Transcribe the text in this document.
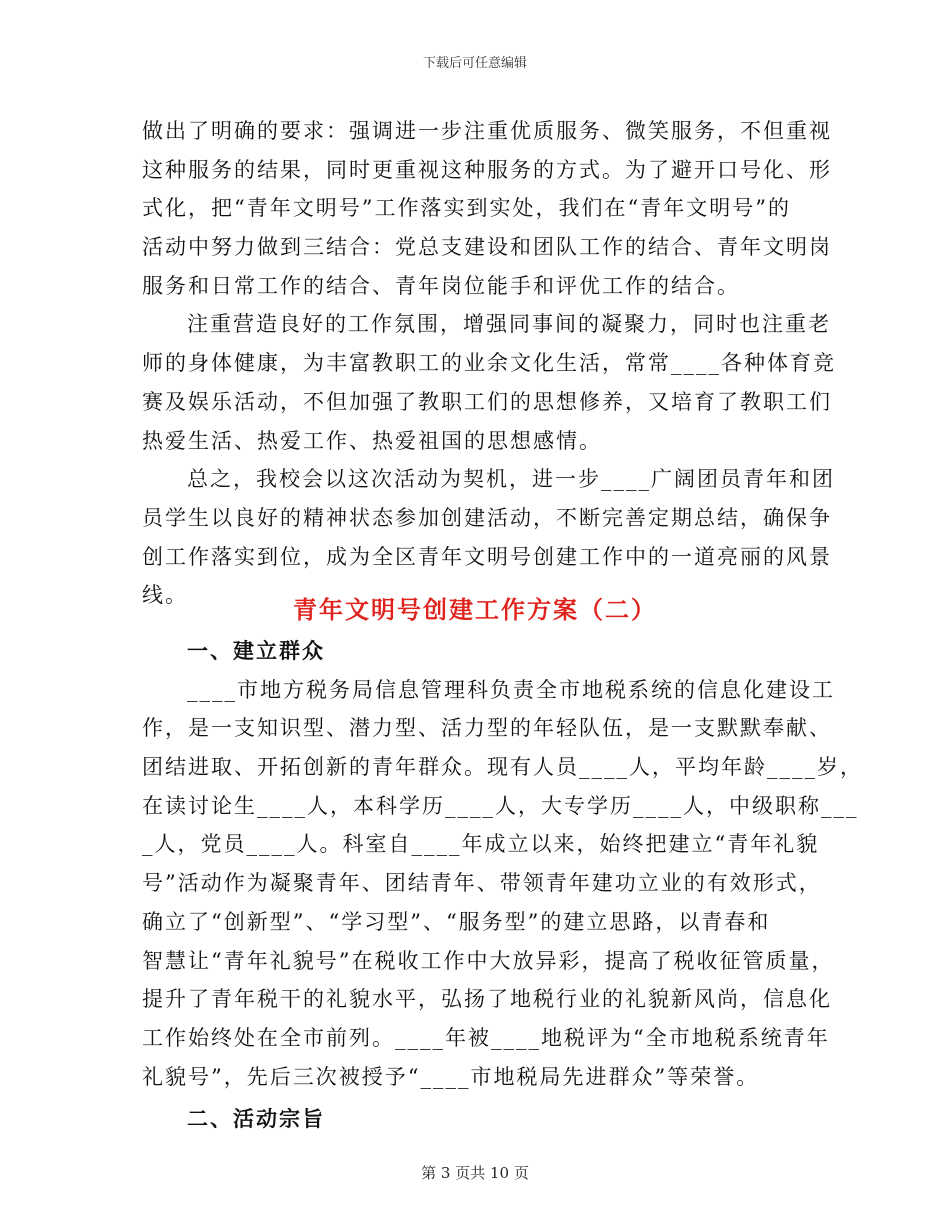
下载后可任意编辑
做出了明确的要求：强调进一步注重优质服务、微笑服务，不但重视
这种服务的结果，同时更重视这种服务的方式。为了避开口号化、形
式化，把“青年文明号”工作落实到实处，我们在“青年文明号”的
活动中努力做到三结合：党总支建设和团队工作的结合、青年文明岗
服务和日常工作的结合、青年岗位能手和评优工作的结合。
注重营造良好的工作氛围，增强同事间的凝聚力，同时也注重老
师的身体健康，为丰富教职工的业余文化生活，常常____各种体育竞
赛及娱乐活动，不但加强了教职工们的思想修养，又培育了教职工们
热爱生活、热爱工作、热爱祖国的思想感情。
总之，我校会以这次活动为契机，进一步____广阔团员青年和团
员学生以良好的精神状态参加创建活动，不断完善定期总结，确保争
创工作落实到位，成为全区青年文明号创建工作中的一道亮丽的风景
线。	青年文明号创建工作方案（二）
一、建立群众
____市地方税务局信息管理科负责全市地税系统的信息化建设工
作，是一支知识型、潜力型、活力型的年轻队伍，是一支默默奉献、
团结进取、开拓创新的青年群众。现有人员____人，平均年龄____岁，
在读讨论生____人，本科学历____人，大专学历____人，中级职称___
_人，党员____人。科室自____年成立以来，始终把建立“青年礼貌
号”活动作为凝聚青年、团结青年、带领青年建功立业的有效形式，
确立了“创新型”、“学习型”、“服务型”的建立思路，以青春和
智慧让“青年礼貌号”在税收工作中大放异彩，提高了税收征管质量，
提升了青年税干的礼貌水平，弘扬了地税行业的礼貌新风尚，信息化
工作始终处在全市前列。____年被____地税评为“全市地税系统青年
礼貌号”，先后三次被授予“____市地税局先进群众”等荣誉。
二、活动宗旨
第 3 页共 10 页
